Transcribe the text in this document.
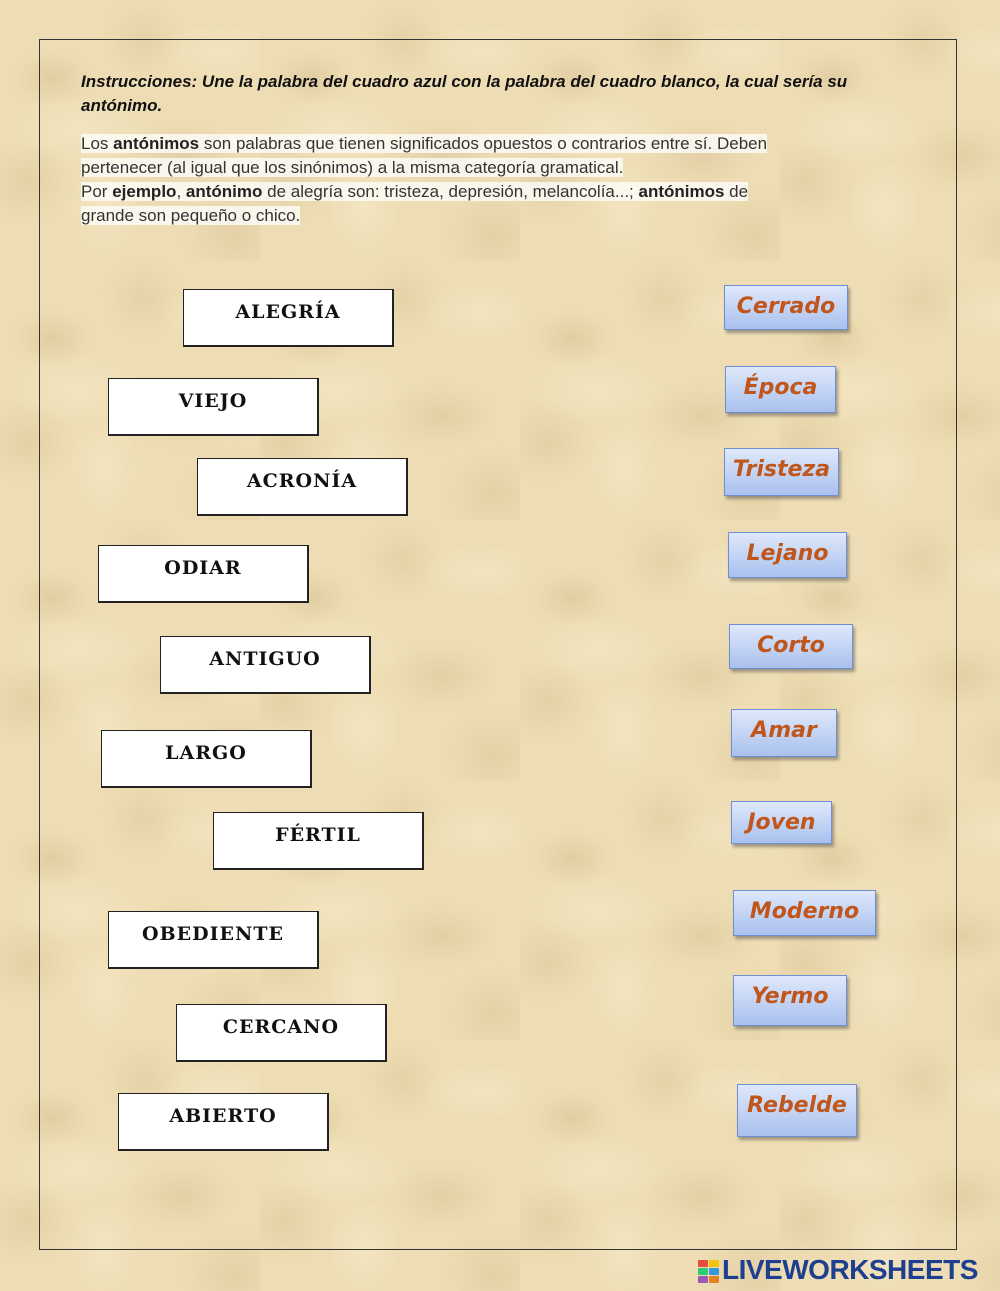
Instrucciones: Une la palabra del cuadro azul con la palabra del cuadro blanco, la cual sería su antónimo.
Los antónimos son palabras que tienen significados opuestos o contrarios entre sí. Deben
pertenecer (al igual que los sinónimos) a la misma categoría gramatical.
Por ejemplo, antónimo de alegría son: tristeza, depresión, melancolía...; antónimos de
grande son pequeño o chico.
ALEGRÍA
VIEJO
ACRONÍA
ODIAR
ANTIGUO
LARGO
FÉRTIL
OBEDIENTE
CERCANO
ABIERTO
Cerrado
Época
Tristeza
Lejano
Corto
Amar
Joven
Moderno
Yermo
Rebelde
LIVEWORKSHEETS
